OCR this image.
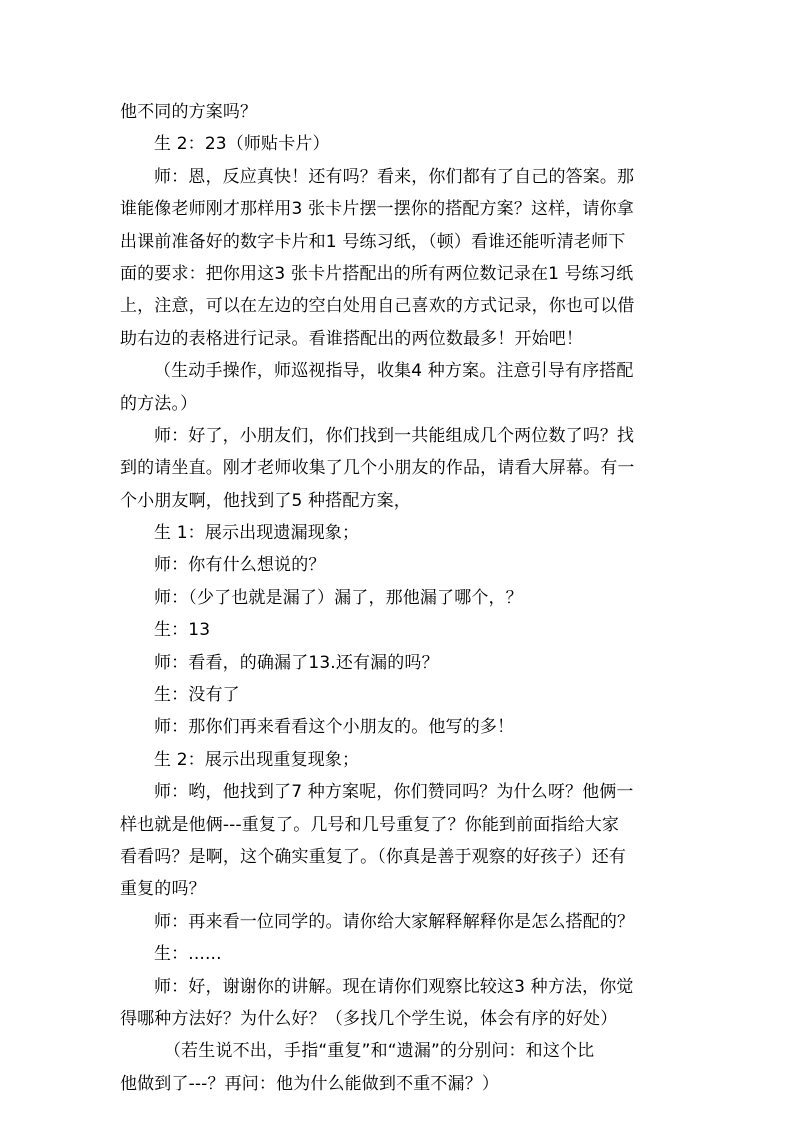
他不同的方案吗？
生 2：23（师贴卡片）
师：恩，反应真快！还有吗？看来，你们都有了自己的答案。那
谁能像老师刚才那样用3 张卡片摆一摆你的搭配方案？这样，请你拿
出课前准备好的数字卡片和1 号练习纸，（顿）看谁还能听清老师下
面的要求：把你用这3 张卡片搭配出的所有两位数记录在1 号练习纸
上，注意，可以在左边的空白处用自己喜欢的方式记录，你也可以借
助右边的表格进行记录。看谁搭配出的两位数最多！开始吧！
（生动手操作，师巡视指导，收集4 种方案。注意引导有序搭配
的方法。）
师：好了，小朋友们，你们找到一共能组成几个两位数了吗？找
到的请坐直。刚才老师收集了几个小朋友的作品，请看大屏幕。有一
个小朋友啊，他找到了5 种搭配方案，
生 1：展示出现遗漏现象；
师：你有什么想说的？
师：（少了也就是漏了）漏了，那他漏了哪个，？
生：13
师：看看，的确漏了13.还有漏的吗？
生：没有了
师：那你们再来看看这个小朋友的。他写的多！
生 2：展示出现重复现象；
师：哟，他找到了7 种方案呢，你们赞同吗？为什么呀？他俩一
样也就是他俩---重复了。几号和几号重复了？你能到前面指给大家
看看吗？是啊，这个确实重复了。（你真是善于观察的好孩子）还有
重复的吗？
师：再来看一位同学的。请你给大家解释解释你是怎么搭配的？
生：......
师：好，谢谢你的讲解。现在请你们观察比较这3 种方法，你觉
得哪种方法好？为什么好？（多找几个学生说，体会有序的好处）
（若生说不出，手指“重复”和“遗漏”的分别问：和这个比
他做到了---？再问：他为什么能做到不重不漏？）
